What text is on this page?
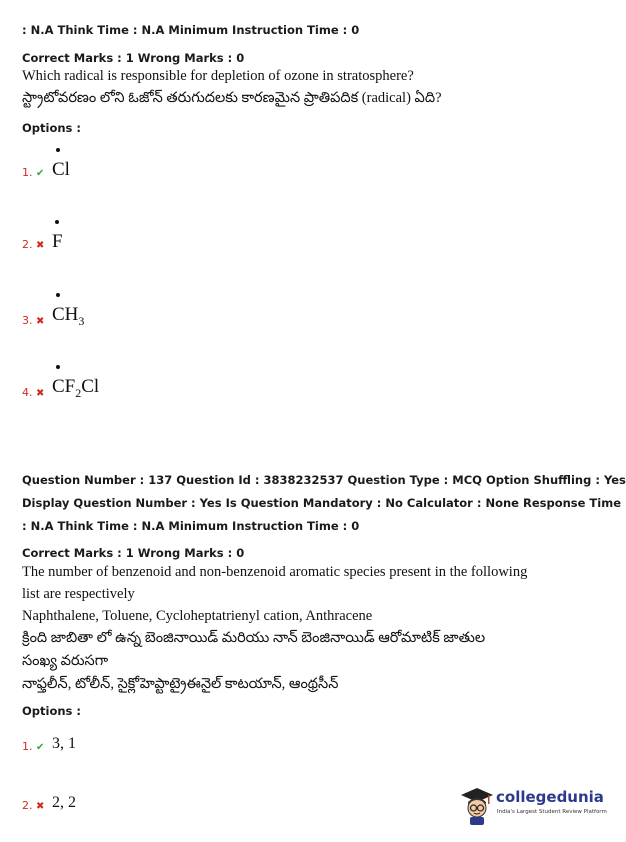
: N.A Think Time : N.A Minimum Instruction Time : 0
Correct Marks : 1 Wrong Marks : 0
Which radical is responsible for depletion of ozone in stratosphere?
స్ట్రాటోవరణం లోని ఓజోన్ తరుగుదలకు కారణమైన ప్రాతిపదిక (radical) ఏది?
Options :
1. ✔ Cl
2. ✖ F
3. ✖ $CH_3$
4. ✖ $CF_2Cl$
Question Number : 137 Question Id : 3838232537 Question Type : MCQ Option Shuffling : Yes
Display Question Number : Yes Is Question Mandatory : No Calculator : None Response Time
: N.A Think Time : N.A Minimum Instruction Time : 0
Correct Marks : 1 Wrong Marks : 0
The number of benzenoid and non-benzenoid aromatic species present in the following
list are respectively
Naphthalene, Toluene, Cycloheptatrienyl cation, Anthracene
క్రింది జాబితా లో ఉన్న బెంజినాయిడ్ మరియు నాన్ బెంజినాయిడ్ ఆరోమాటిక్ జాతుల
సంఖ్య వరుసగా
నాఫ్తలీన్, టోలీన్, సైక్లోహెప్టాట్రైఈనైల్ కాటయాన్, ఆంథ్రసీన్
Options :
1. ✔ 3, 1
2. ✖ 2, 2	collegedunia
India's Largest Student Review Platform
